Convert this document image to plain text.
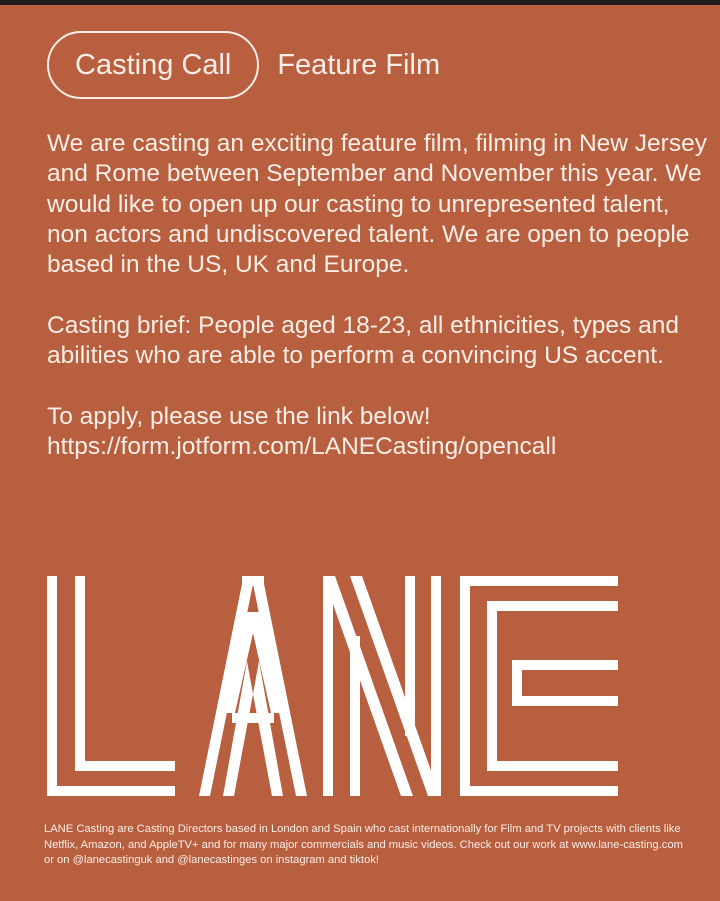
Casting Call Feature Film

We are casting an exciting feature film, filming in New Jersey and Rome between September and November this year. We would like to open up our casting to unrepresented talent, non actors and undiscovered talent. We are open to people based in the US, UK and Europe.

Casting brief: People aged 18-23, all ethnicities, types and abilities who are able to perform a convincing US accent.

To apply, please use the link below!
https://form.jotform.com/LANECasting/opencall

LANE Casting are Casting Directors based in London and Spain who cast internationally for Film and TV projects with clients like Netflix, Amazon, and AppleTV+ and for many major commercials and music videos. Check out our work at www.lane-casting.com or on @lanecastinguk and @lanecastinges on instagram and tiktok!
